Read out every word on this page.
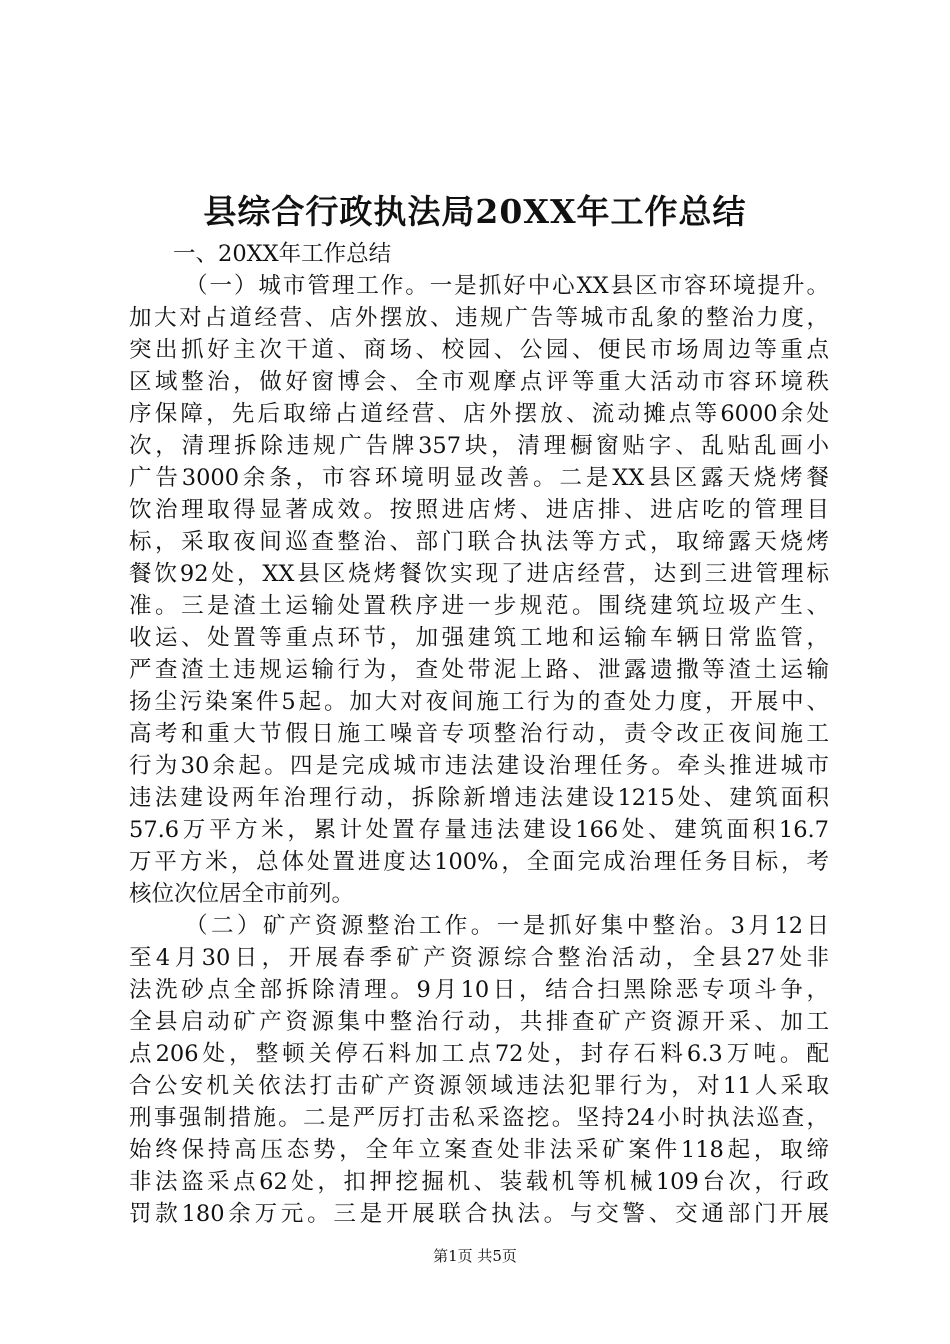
县综合行政执法局20XX年工作总结
一、20XX年工作总结
（一）城市管理工作。一是抓好中心XX县区市容环境提升。
加大对占道经营、店外摆放、违规广告等城市乱象的整治力度，
突出抓好主次干道、商场、校园、公园、便民市场周边等重点
区域整治，做好窗博会、全市观摩点评等重大活动市容环境秩
序保障，先后取缔占道经营、店外摆放、流动摊点等6000余处
次，清理拆除违规广告牌357块，清理橱窗贴字、乱贴乱画小
广告3000余条，市容环境明显改善。二是XX县区露天烧烤餐
饮治理取得显著成效。按照进店烤、进店排、进店吃的管理目
标，采取夜间巡查整治、部门联合执法等方式，取缔露天烧烤
餐饮92处，XX县区烧烤餐饮实现了进店经营，达到三进管理标
准。三是渣土运输处置秩序进一步规范。围绕建筑垃圾产生、
收运、处置等重点环节，加强建筑工地和运输车辆日常监管，
严查渣土违规运输行为，查处带泥上路、泄露遗撒等渣土运输
扬尘污染案件5起。加大对夜间施工行为的查处力度，开展中、
高考和重大节假日施工噪音专项整治行动，责令改正夜间施工
行为30余起。四是完成城市违法建设治理任务。牵头推进城市
违法建设两年治理行动，拆除新增违法建设1215处、建筑面积
57.6万平方米，累计处置存量违法建设166处、建筑面积16.7
万平方米，总体处置进度达100%，全面完成治理任务目标，考
核位次位居全市前列。
（二）矿产资源整治工作。一是抓好集中整治。3月12日
至4月30日，开展春季矿产资源综合整治活动，全县27处非
法洗砂点全部拆除清理。9月10日，结合扫黑除恶专项斗争，
全县启动矿产资源集中整治行动，共排查矿产资源开采、加工
点206处，整顿关停石料加工点72处，封存石料6.3万吨。配
合公安机关依法打击矿产资源领域违法犯罪行为，对11人采取
刑事强制措施。二是严厉打击私采盗挖。坚持24小时执法巡查，
始终保持高压态势，全年立案查处非法采矿案件118起，取缔
非法盗采点62处，扣押挖掘机、装载机等机械109台次，行政
罚款180余万元。三是开展联合执法。与交警、交通部门开展
第1页 共5页
